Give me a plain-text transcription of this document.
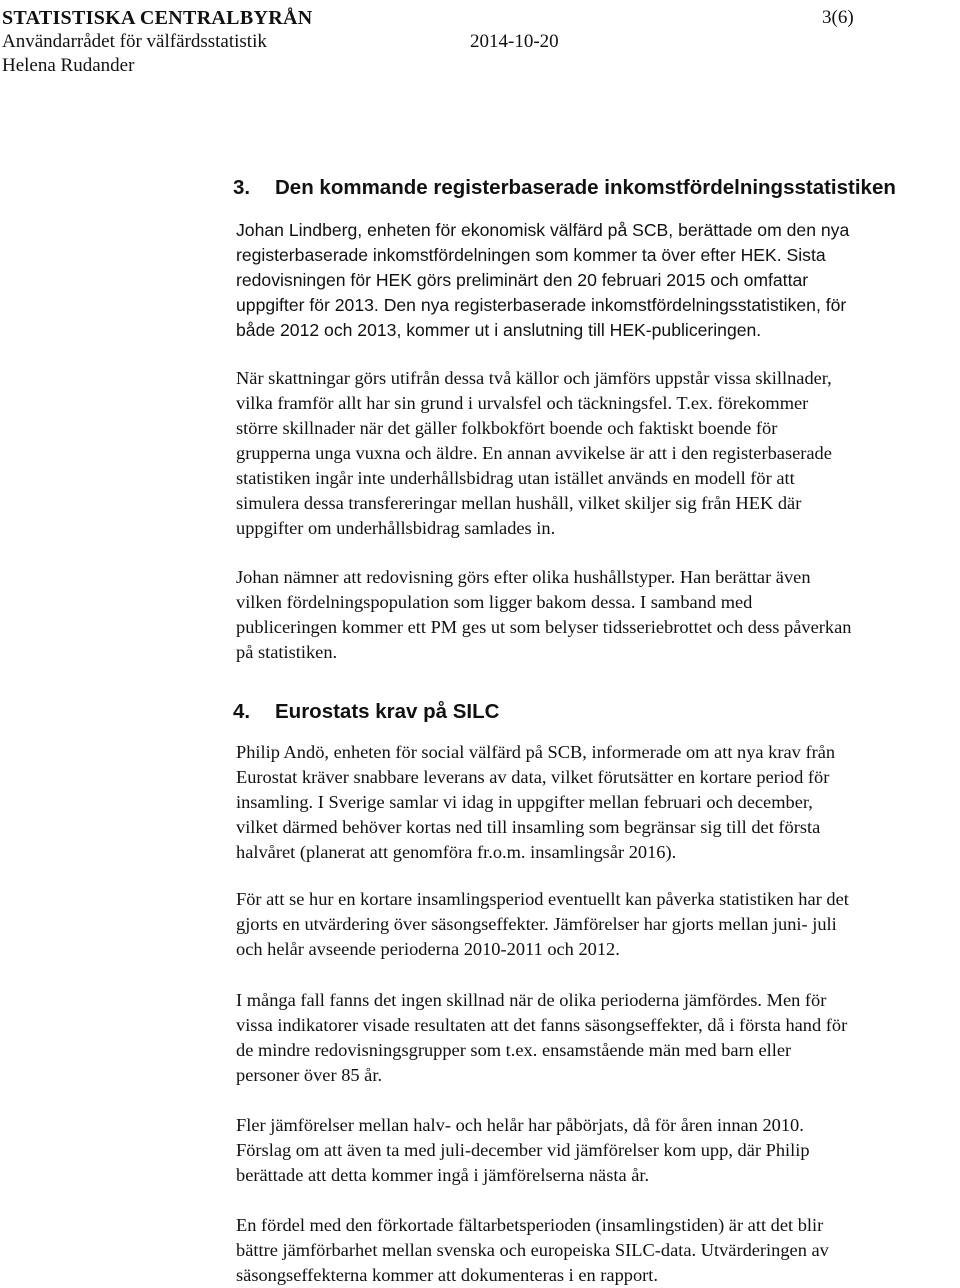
STATISTISKA CENTRALBYRÅN	3(6)
Användarrådet för välfärdsstatistik	2014-10-20
Helena Rudander
3. Den kommande registerbaserade inkomstfördelningsstatistiken

Johan Lindberg, enheten för ekonomisk välfärd på SCB, berättade om den nya
registerbaserade inkomstfördelningen som kommer ta över efter HEK. Sista
redovisningen för HEK görs preliminärt den 20 februari 2015 och omfattar
uppgifter för 2013. Den nya registerbaserade inkomstfördelningsstatistiken, för
både 2012 och 2013, kommer ut i anslutning till HEK-publiceringen.

När skattningar görs utifrån dessa två källor och jämförs uppstår vissa skillnader,
vilka framför allt har sin grund i urvalsfel och täckningsfel. T.ex. förekommer
större skillnader när det gäller folkbokfört boende och faktiskt boende för
grupperna unga vuxna och äldre. En annan avvikelse är att i den registerbaserade
statistiken ingår inte underhållsbidrag utan istället används en modell för att
simulera dessa transfereringar mellan hushåll, vilket skiljer sig från HEK där
uppgifter om underhållsbidrag samlades in.

Johan nämner att redovisning görs efter olika hushållstyper. Han berättar även
vilken fördelningspopulation som ligger bakom dessa. I samband med
publiceringen kommer ett PM ges ut som belyser tidsseriebrottet och dess påverkan
på statistiken.

4. Eurostats krav på SILC

Philip Andö, enheten för social välfärd på SCB, informerade om att nya krav från
Eurostat kräver snabbare leverans av data, vilket förutsätter en kortare period för
insamling. I Sverige samlar vi idag in uppgifter mellan februari och december,
vilket därmed behöver kortas ned till insamling som begränsar sig till det första
halvåret (planerat att genomföra fr.o.m. insamlingsår 2016).

För att se hur en kortare insamlingsperiod eventuellt kan påverka statistiken har det
gjorts en utvärdering över säsongseffekter. Jämförelser har gjorts mellan juni- juli
och helår avseende perioderna 2010-2011 och 2012.

I många fall fanns det ingen skillnad när de olika perioderna jämfördes. Men för
vissa indikatorer visade resultaten att det fanns säsongseffekter, då i första hand för
de mindre redovisningsgrupper som t.ex. ensamstående män med barn eller
personer över 85 år.

Fler jämförelser mellan halv- och helår har påbörjats, då för åren innan 2010.
Förslag om att även ta med juli-december vid jämförelser kom upp, där Philip
berättade att detta kommer ingå i jämförelserna nästa år.

En fördel med den förkortade fältarbetsperioden (insamlingstiden) är att det blir
bättre jämförbarhet mellan svenska och europeiska SILC-data. Utvärderingen av
säsongseffekterna kommer att dokumenteras i en rapport.
